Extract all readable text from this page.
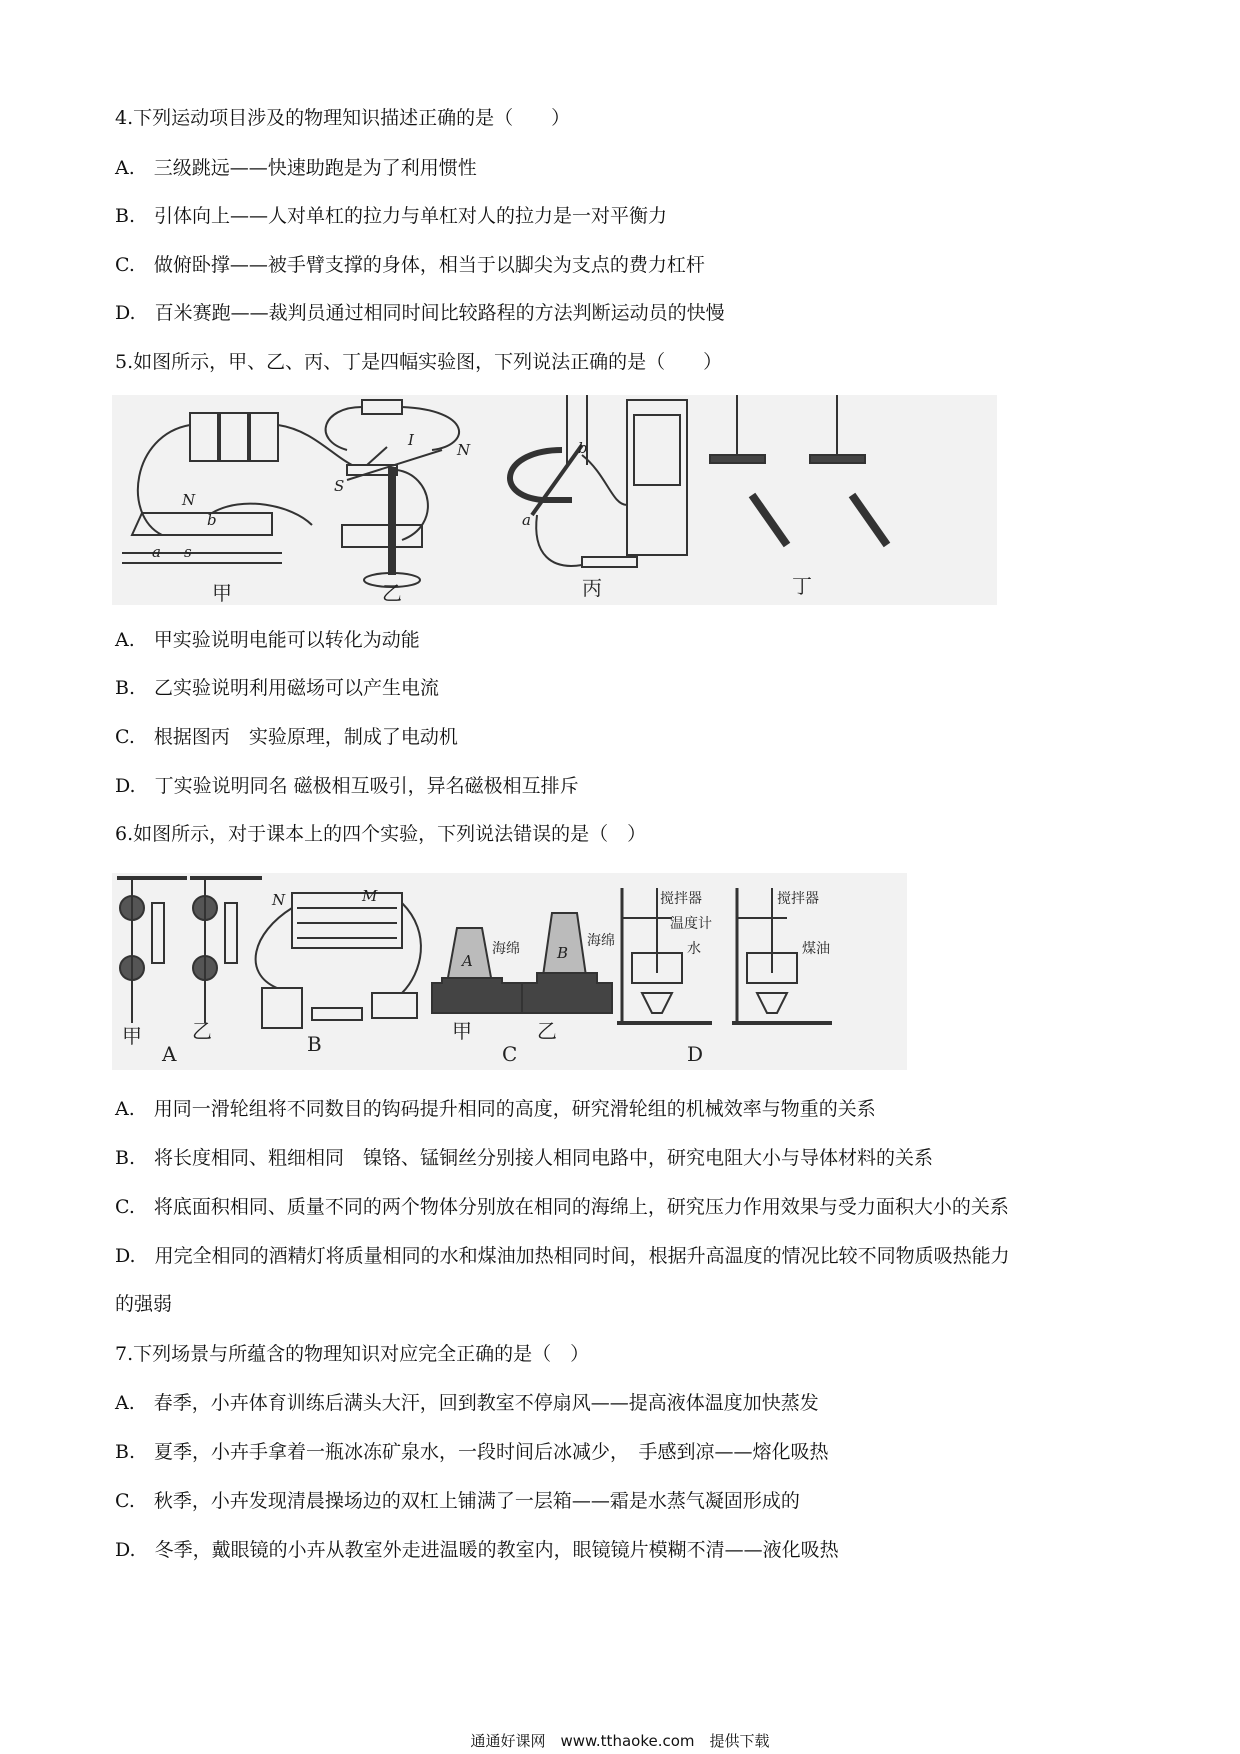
4.下列运动项目涉及的物理知识描述正确的是（　　）
A.　三级跳远——快速助跑是为了利用惯性
B.　引体向上——人对单杠的拉力与单杠对人的拉力是一对平衡力
C.　做俯卧撑——被手臂支撑的身体，相当于以脚尖为支点的费力杠杆
D.　百米赛跑——裁判员通过相同时间比较路程的方法判断运动员的快慢
5.如图所示，甲、乙、丙、丁是四幅实验图，下列说法正确的是（　　）
N
s
a
b
I
S
N	b
a
甲	乙	丙	丁
A.　甲实验说明电能可以转化为动能
B.　乙实验说明利用磁场可以产生电流
C.　根据图丙　实验原理，制成了电动机
D.　丁实验说明同名 磁极相互吸引，异名磁极相互排斥
6.如图所示，对于课本上的四个实验，下列说法错误的是（　）
甲	乙
A
N	M
B
A	B
海绵	海绵
甲	乙
C
搅拌器
温度计
水
搅拌器
煤油
D
A.　用同一滑轮组将不同数目的钩码提升相同的高度，研究滑轮组的机械效率与物重的关系
B.　将长度相同、粗细相同　镍铬、锰铜丝分别接人相同电路中，研究电阻大小与导体材料的关系
C.　将底面积相同、质量不同的两个物体分别放在相同的海绵上，研究压力作用效果与受力面积大小的关系
D.　用完全相同的酒精灯将质量相同的水和煤油加热相同时间，根据升高温度的情况比较不同物质吸热能力
的强弱
7.下列场景与所蕴含的物理知识对应完全正确的是（　）
A.　春季，小卉体育训练后满头大汗，回到教室不停扇风——提高液体温度加快蒸发
B.　夏季，小卉手拿着一瓶冰冻矿泉水，一段时间后冰减少，　手感到凉——熔化吸热
C.　秋季，小卉发现清晨操场边的双杠上铺满了一层箱——霜是水蒸气凝固形成的
D.　冬季，戴眼镜的小卉从教室外走进温暖的教室内，眼镜镜片模糊不清——液化吸热
通通好课网　www.tthaoke.com　提供下载
